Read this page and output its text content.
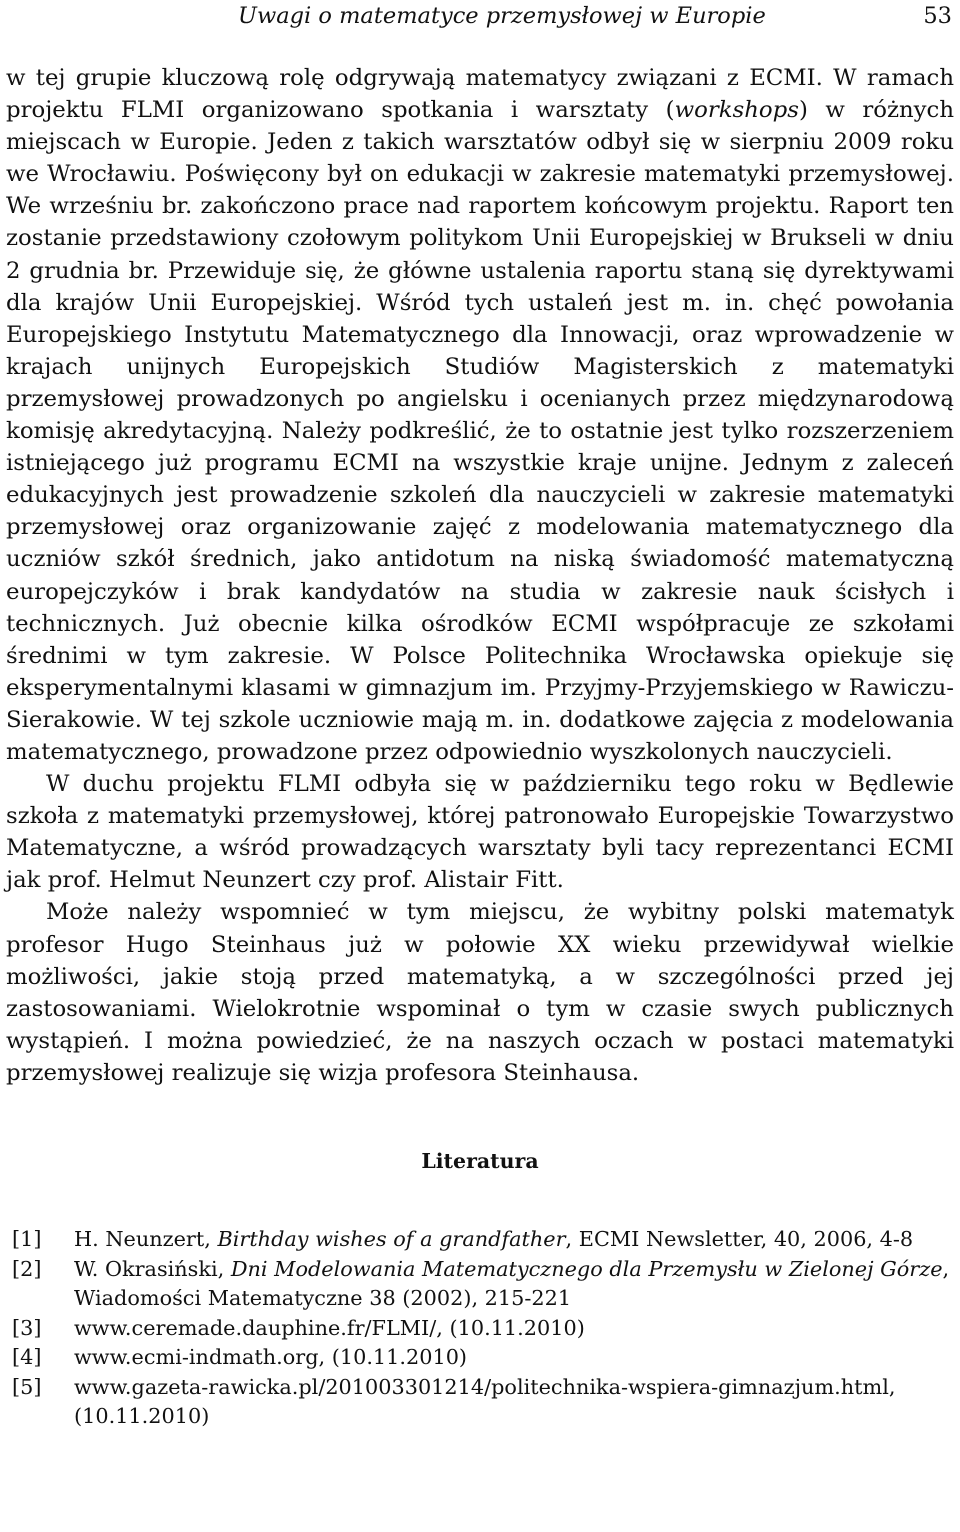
Uwagi o matematyce przemysłowej w Europie	53

w tej grupie kluczową rolę odgrywają matematycy związani z ECMI. W ramach projektu FLMI organizowano spotkania i warsztaty (workshops) w różnych miejscach w Europie. Jeden z takich warsztatów odbył się w sierpniu 2009 roku we Wrocławiu. Poświęcony był on edukacji w zakresie matematyki przemysłowej. We wrześniu br. zakończono prace nad raportem końcowym projektu. Raport ten zostanie przedstawiony czołowym politykom Unii Europejskiej w Brukseli w dniu 2 grudnia br. Przewiduje się, że główne ustalenia raportu staną się dyrektywami dla krajów Unii Europejskiej. Wśród tych ustaleń jest m. in. chęć powołania Europejskiego Instytutu Matematycznego dla Innowacji, oraz wprowadzenie w krajach unijnych Europejskich Studiów Magisterskich z matematyki przemysłowej prowadzonych po angielsku i ocenianych przez międzynarodową komisję akredytacyjną. Należy podkreślić, że to ostatnie jest tylko rozszerzeniem istniejącego już programu ECMI na wszystkie kraje unijne. Jednym z zaleceń edukacyjnych jest prowadzenie szkoleń dla nauczycieli w zakresie matematyki przemysłowej oraz organizowanie zajęć z modelowania matematycznego dla uczniów szkół średnich, jako antidotum na niską świadomość matematyczną europejczyków i brak kandydatów na studia w zakresie nauk ścisłych i technicznych. Już obecnie kilka ośrodków ECMI współpracuje ze szkołami średnimi w tym zakresie. W Polsce Politechnika Wrocławska opiekuje się eksperymentalnymi klasami w gimnazjum im. Przyjmy-Przyjemskiego w Rawiczu-Sierakowie. W tej szkole uczniowie mają m. in. dodatkowe zajęcia z modelowania matematycznego, prowadzone przez odpowiednio wyszkolonych nauczycieli.

W duchu projektu FLMI odbyła się w październiku tego roku w Będlewie szkoła z matematyki przemysłowej, której patronowało Europejskie Towarzystwo Matematyczne, a wśród prowadzących warsztaty byli tacy reprezentanci ECMI jak prof. Helmut Neunzert czy prof. Alistair Fitt.

Może należy wspomnieć w tym miejscu, że wybitny polski matematyk profesor Hugo Steinhaus już w połowie XX wieku przewidywał wielkie możliwości, jakie stoją przed matematyką, a w szczególności przed jej zastosowaniami. Wielokrotnie wspominał o tym w czasie swych publicznych wystąpień. I można powiedzieć, że na naszych oczach w postaci matematyki przemysłowej realizuje się wizja profesora Steinhausa.

Literatura
[1]	H. Neunzert, Birthday wishes of a grandfather, ECMI Newsletter, 40, 2006, 4-8
[2]	W. Okrasiński, Dni Modelowania Matematycznego dla Przemysłu w Zielonej Górze, Wiadomości Matematyczne 38 (2002), 215-221
[3]	www.ceremade.dauphine.fr/FLMI/, (10.11.2010)
[4]	www.ecmi-indmath.org, (10.11.2010)
[5]	www.gazeta-rawicka.pl/201003301214/politechnika-wspiera-gimnazjum.html, (10.11.2010)
